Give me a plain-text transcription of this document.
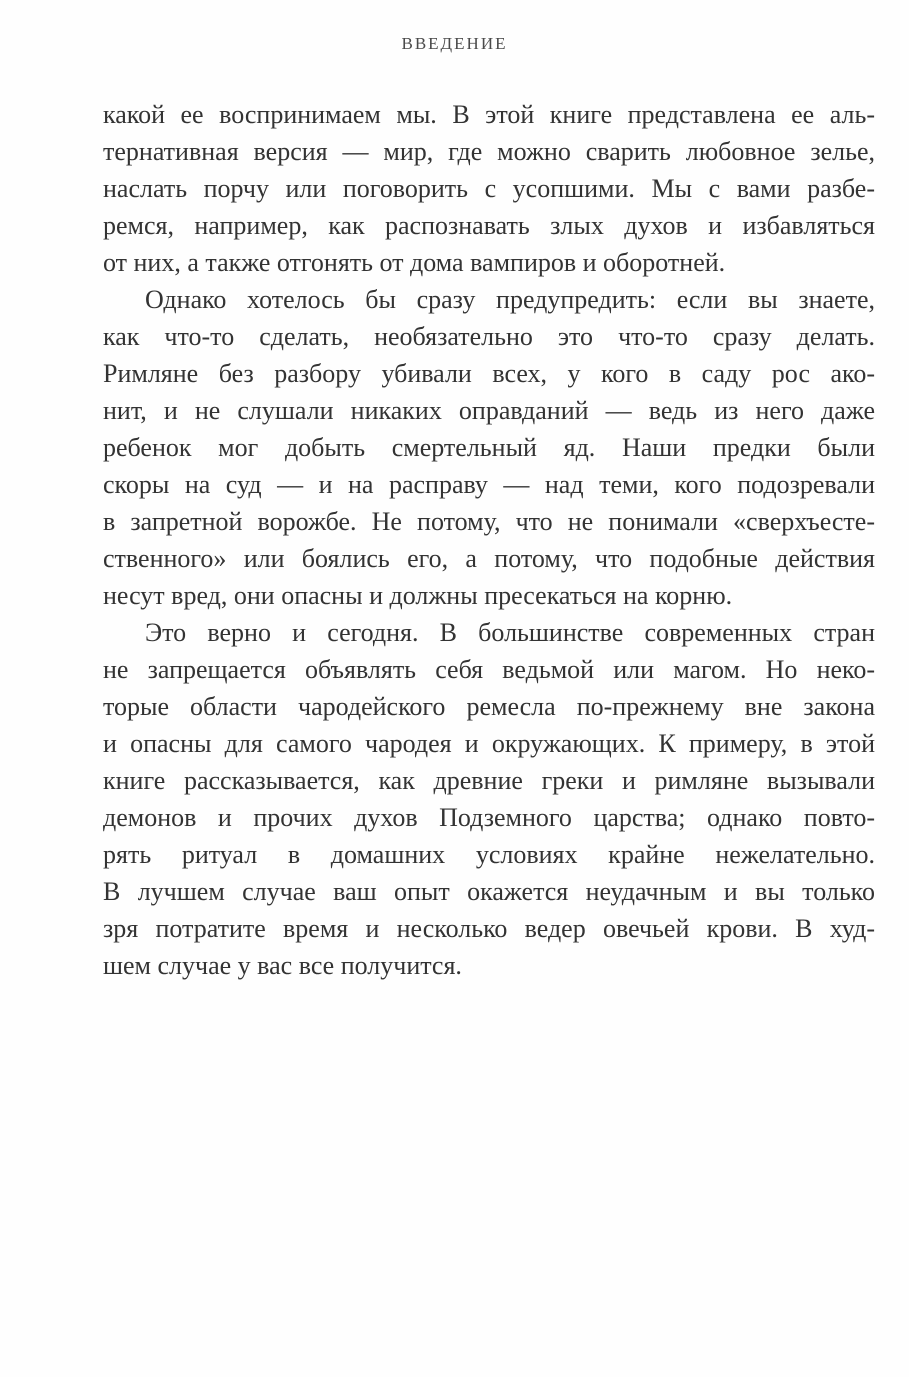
ВВЕДЕНИЕ
какой ее воспринимаем мы. В этой книге представлена ее аль-
тернативная версия — мир, где можно сварить любовное зелье,
наслать порчу или поговорить с усопшими. Мы с вами разбе-
ремся, например, как распознавать злых духов и избавляться
от них, а также отгонять от дома вампиров и оборотней.
Однако хотелось бы сразу предупредить: если вы знаете,
как что-то сделать, необязательно это что-то сразу делать.
Римляне без разбору убивали всех, у кого в саду рос ако-
нит, и не слушали никаких оправданий — ведь из него даже
ребенок мог добыть смертельный яд. Наши предки были
скоры на суд — и на расправу — над теми, кого подозревали
в запретной ворожбе. Не потому, что не понимали «сверхъестe-
ственного» или боялись его, а потому, что подобные действия
несут вред, они опасны и должны пресекаться на корню.
Это верно и сегодня. В большинстве современных стран
не запрещается объявлять себя ведьмой или магом. Но неко-
торые области чародейского ремесла по-прежнему вне закона
и опасны для самого чародея и окружающих. К примеру, в этой
книге рассказывается, как древние греки и римляне вызывали
демонов и прочих духов Подземного царства; однако повто-
рять ритуал в домашних условиях крайне нежелательно.
В лучшем случае ваш опыт окажется неудачным и вы только
зря потратите время и несколько ведер овечьей крови. В худ-
шем случае у вас все получится.
